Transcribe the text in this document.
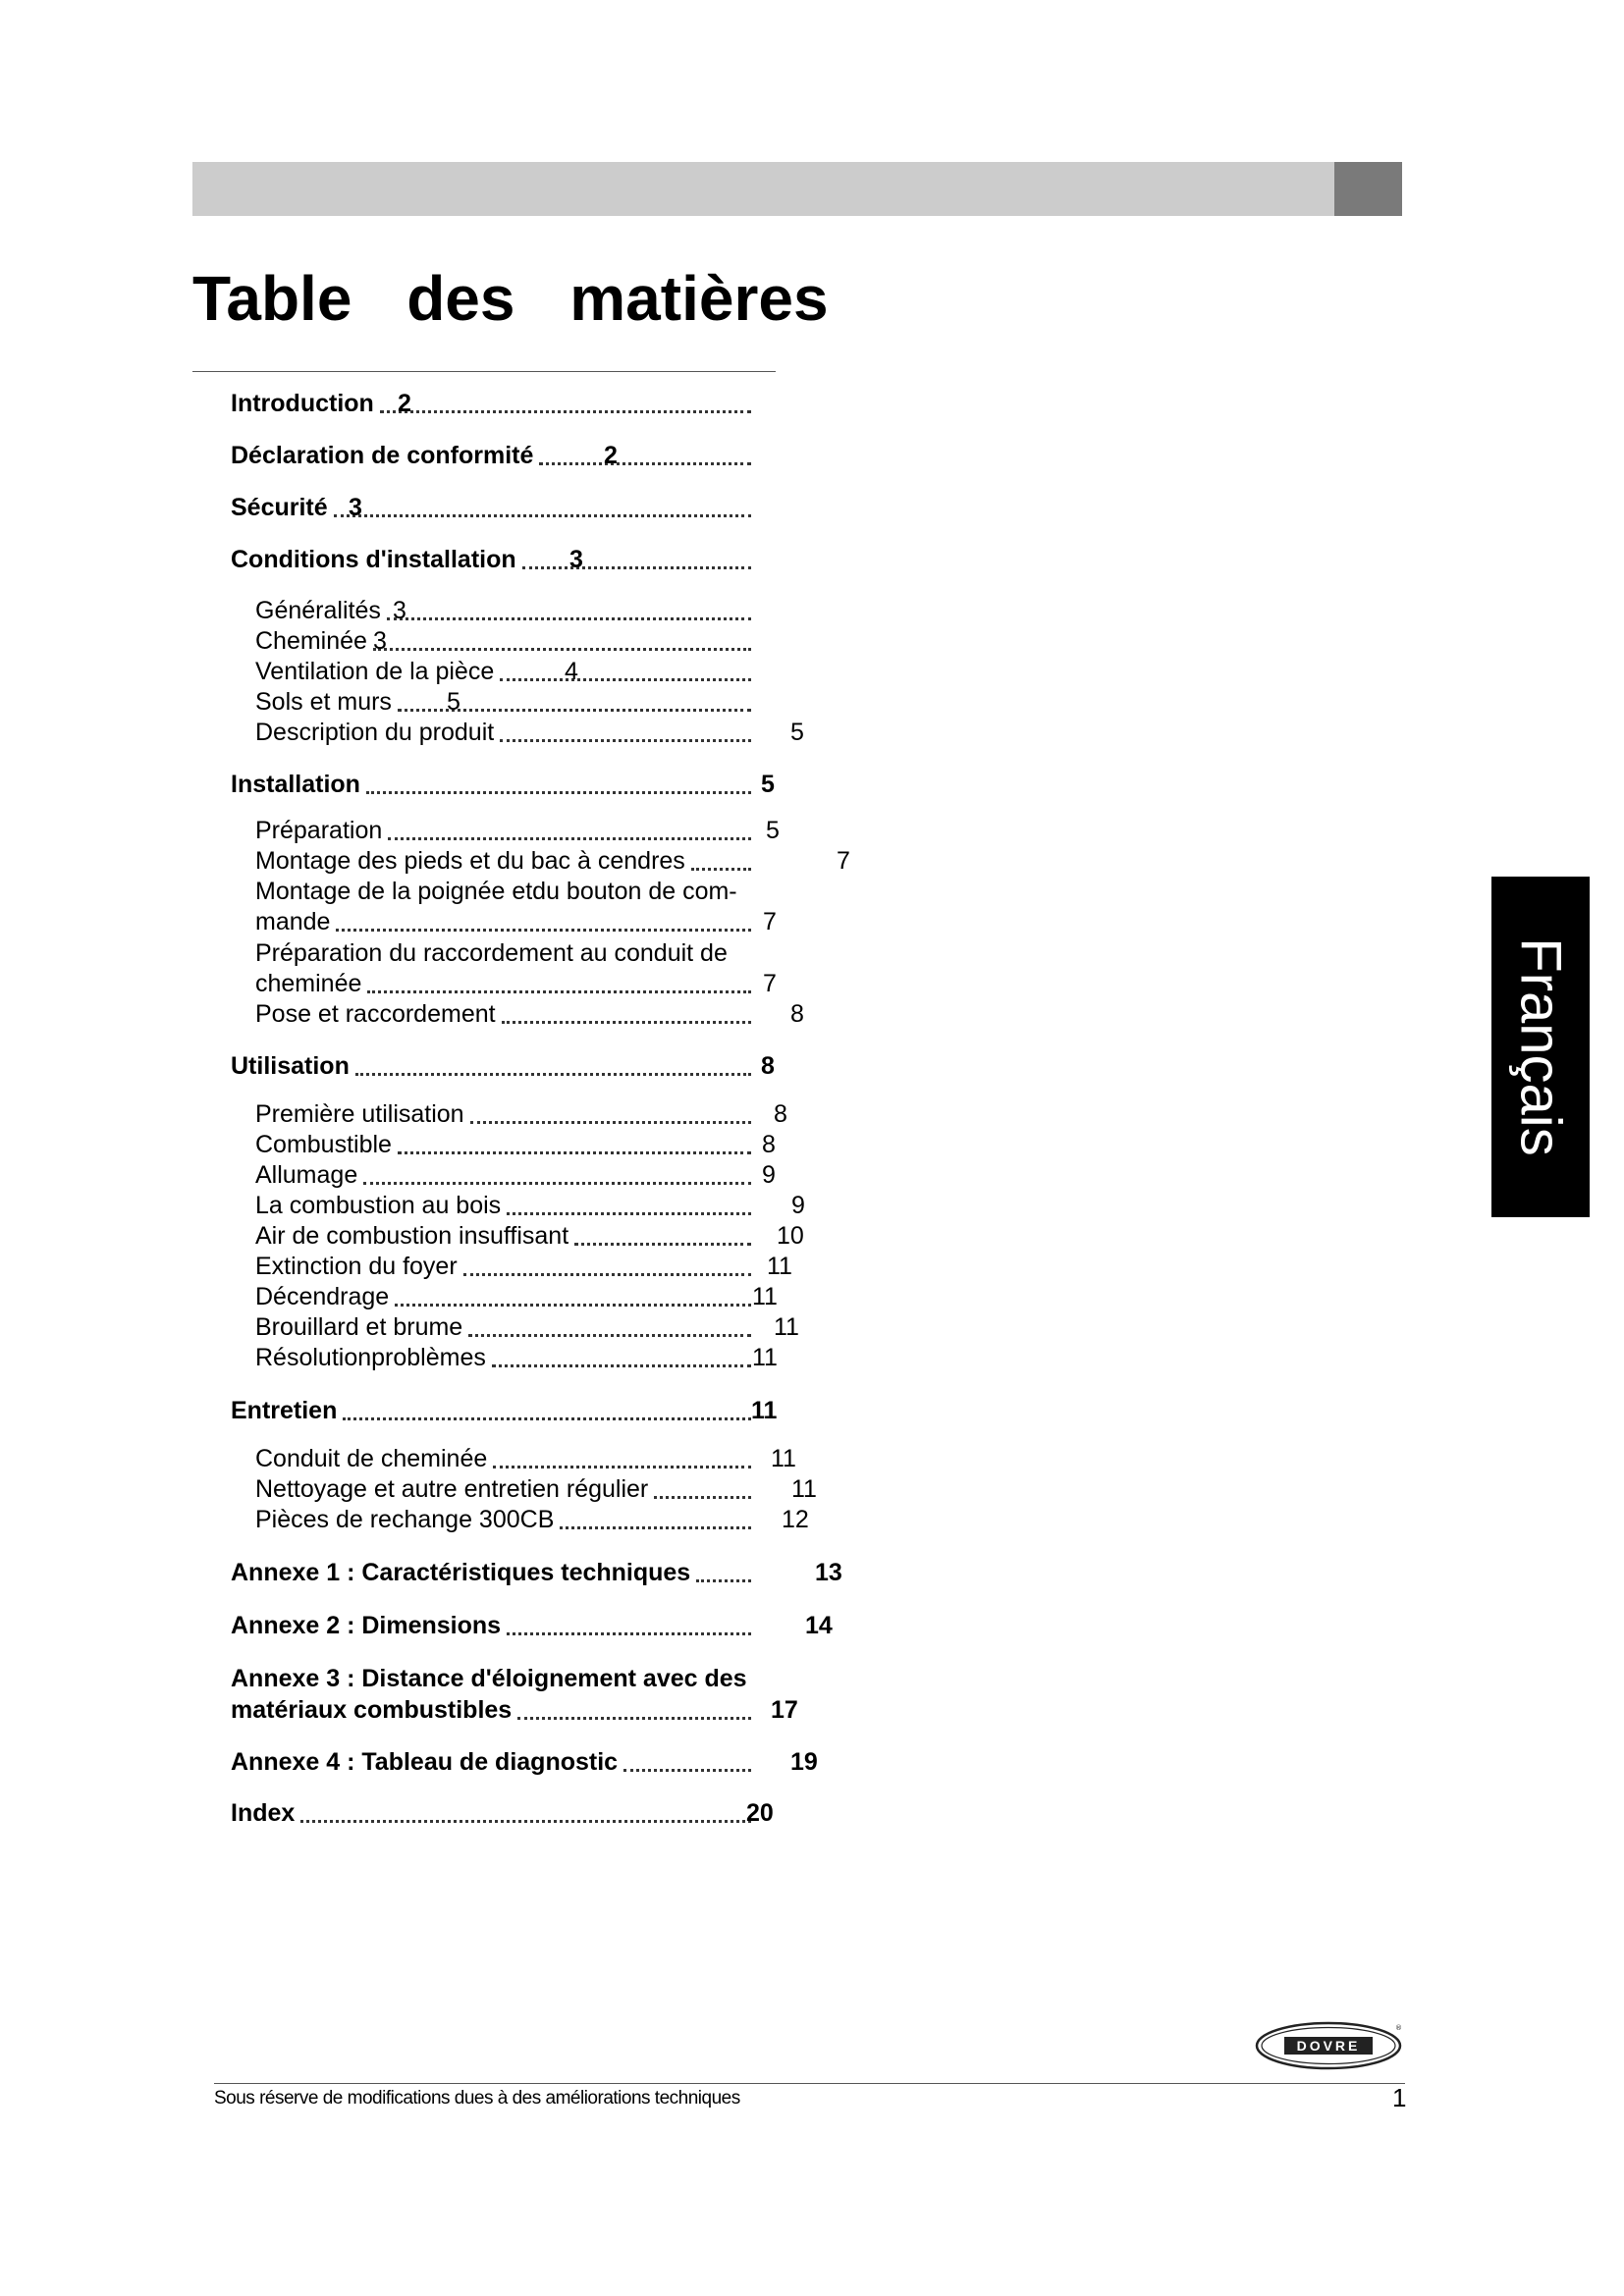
Table des matières
Introduction 2
Déclaration de conformité	2
Sécurité 3
Conditions d'installation 3
Généralités 3
Cheminée 3
Ventilation de la pièce	4
Sols et murs 5
Description du produit	5
Installation	5
Préparation	5
Montage des pieds et du bac à cendres	7
Montage de la poignée etdu bouton de com-
mande	7
Préparation du raccordement au conduit de
cheminée	7
Pose et raccordement	8
Utilisation	8
Première utilisation	8
Combustible	8
Allumage	9
La combustion au bois	9
Air de combustion insuffisant	10
Extinction du foyer	11
Décendrage	11
Brouillard et brume	11
Résolutionproblèmes	11
Entretien	11
Conduit de cheminée	11
Nettoyage et autre entretien régulier	11
Pièces de rechange 300CB	12
Annexe 1 : Caractéristiques techniques	13
Annexe 2 : Dimensions	14
Annexe 3 : Distance d'éloignement avec des
matériaux combustibles	17
Annexe 4 : Tableau de diagnostic	19
Index	20
Français
DOVRE
®
Sous réserve de modifications dues à des améliorations techniques	1
